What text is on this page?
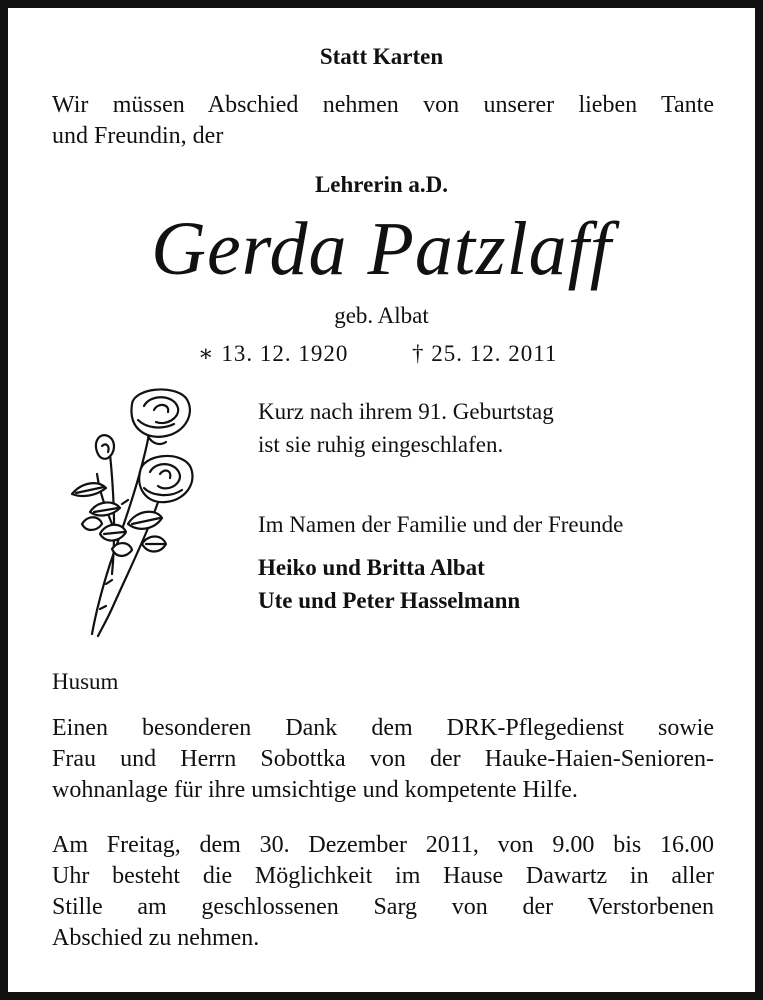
Statt Karten
Wir müssen Abschied nehmen von unserer lieben Tante
und Freundin, der
Lehrerin a.D.
Gerda Patzlaff
geb. Albat
∗ 13. 12. 1920	† 25. 12. 2011
Kurz nach ihrem 91. Geburtstag
ist sie ruhig eingeschlafen.
Im Namen der Familie und der Freunde
Heiko und Britta Albat
Ute und Peter Hasselmann
Husum
Einen besonderen Dank dem DRK-Pflegedienst sowie
Frau und Herrn Sobottka von der Hauke-Haien-Senioren-
wohnanlage für ihre umsichtige und kompetente Hilfe.
Am Freitag, dem 30. Dezember 2011, von 9.00 bis 16.00
Uhr besteht die Möglichkeit im Hause Dawartz in aller
Stille am geschlossenen Sarg von der Verstorbenen
Abschied zu nehmen.
